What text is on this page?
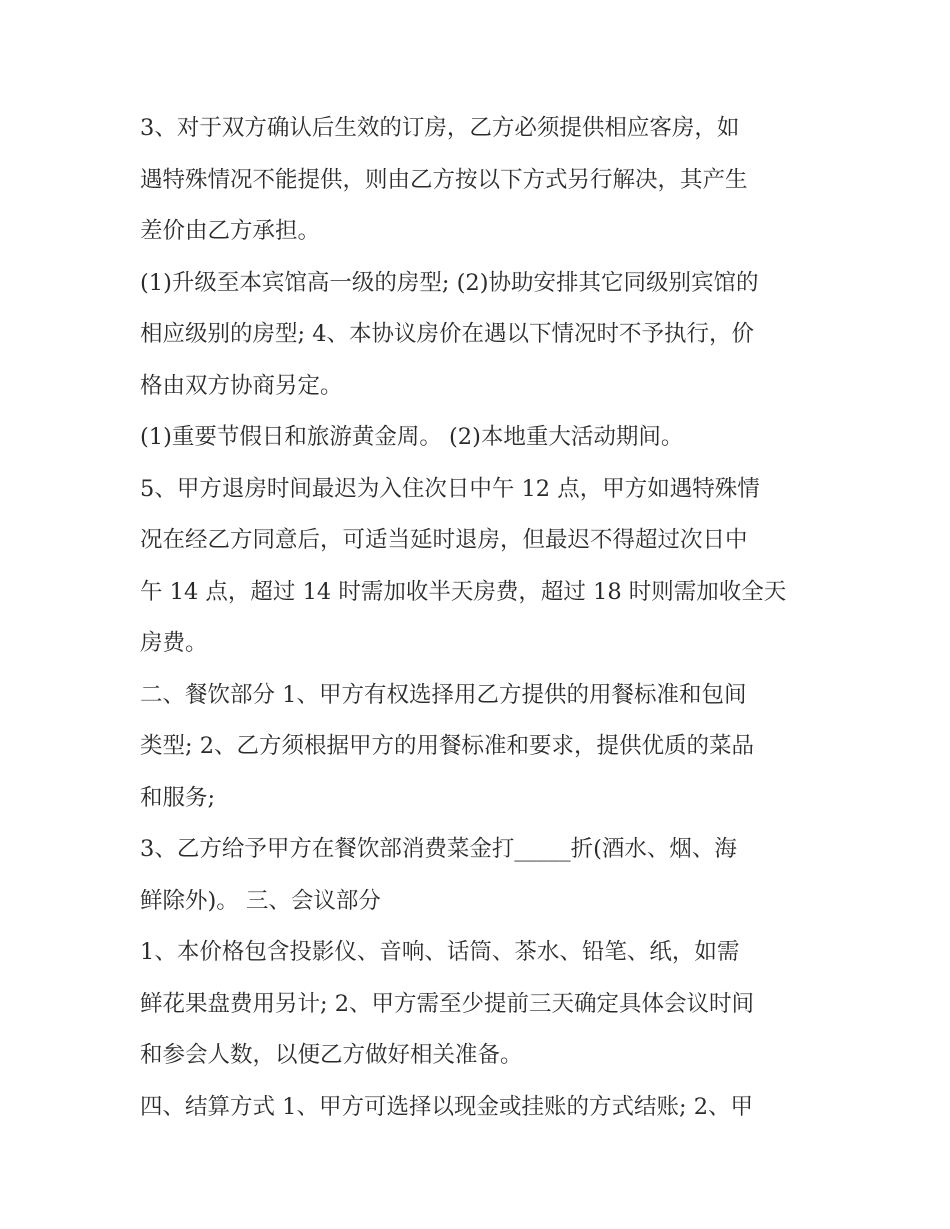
3、对于双方确认后生效的订房，乙方必须提供相应客房，如
遇特殊情况不能提供，则由乙方按以下方式另行解决，其产生
差价由乙方承担。
(1)升级至本宾馆高一级的房型; (2)协助安排其它同级别宾馆的
相应级别的房型; 4、本协议房价在遇以下情况时不予执行，价
格由双方协商另定。
(1)重要节假日和旅游黄金周。 (2)本地重大活动期间。
5、甲方退房时间最迟为入住次日中午 12 点，甲方如遇特殊情
况在经乙方同意后，可适当延时退房，但最迟不得超过次日中
午 14 点，超过 14 时需加收半天房费，超过 18 时则需加收全天
房费。
二、餐饮部分 1、甲方有权选择用乙方提供的用餐标准和包间
类型; 2、乙方须根据甲方的用餐标准和要求，提供优质的菜品
和服务;
3、乙方给予甲方在餐饮部消费菜金打_____折(酒水、烟、海
鲜除外)。 三、会议部分
1、本价格包含投影仪、音响、话筒、茶水、铅笔、纸，如需
鲜花果盘费用另计; 2、甲方需至少提前三天确定具体会议时间
和参会人数，以便乙方做好相关准备。
四、结算方式 1、甲方可选择以现金或挂账的方式结账; 2、甲
